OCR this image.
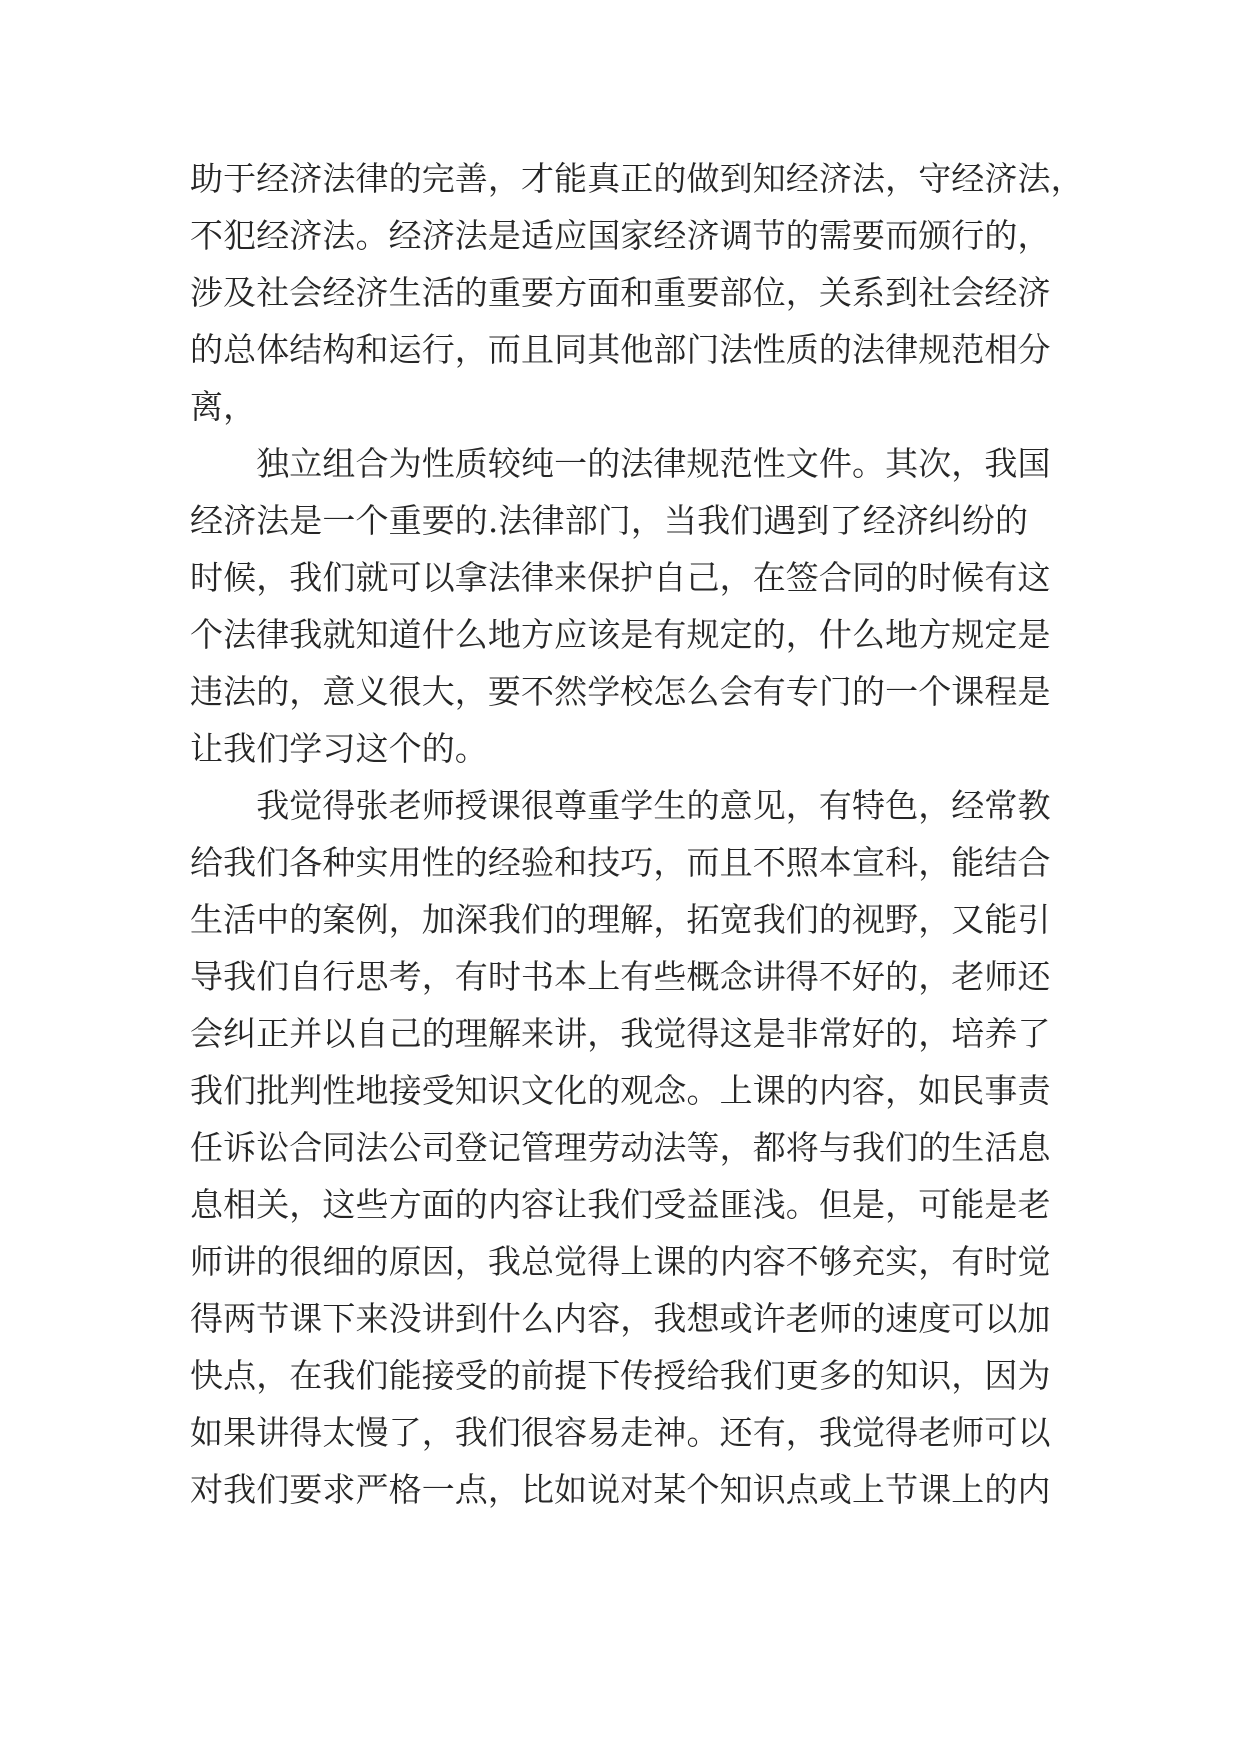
助于经济法律的完善，才能真正的做到知经济法，守经济法，
不犯经济法。经济法是适应国家经济调节的需要而颁行的，
涉及社会经济生活的重要方面和重要部位，关系到社会经济
的总体结构和运行，而且同其他部门法性质的法律规范相分
离，
　　独立组合为性质较纯一的法律规范性文件。其次，我国
经济法是一个重要的.法律部门，当我们遇到了经济纠纷的
时候，我们就可以拿法律来保护自己，在签合同的时候有这
个法律我就知道什么地方应该是有规定的，什么地方规定是
违法的，意义很大，要不然学校怎么会有专门的一个课程是
让我们学习这个的。
　　我觉得张老师授课很尊重学生的意见，有特色，经常教
给我们各种实用性的经验和技巧，而且不照本宣科，能结合
生活中的案例，加深我们的理解，拓宽我们的视野，又能引
导我们自行思考，有时书本上有些概念讲得不好的，老师还
会纠正并以自己的理解来讲，我觉得这是非常好的，培养了
我们批判性地接受知识文化的观念。上课的内容，如民事责
任诉讼合同法公司登记管理劳动法等，都将与我们的生活息
息相关，这些方面的内容让我们受益匪浅。但是，可能是老
师讲的很细的原因，我总觉得上课的内容不够充实，有时觉
得两节课下来没讲到什么内容，我想或许老师的速度可以加
快点，在我们能接受的前提下传授给我们更多的知识，因为
如果讲得太慢了，我们很容易走神。还有，我觉得老师可以
对我们要求严格一点，比如说对某个知识点或上节课上的内
